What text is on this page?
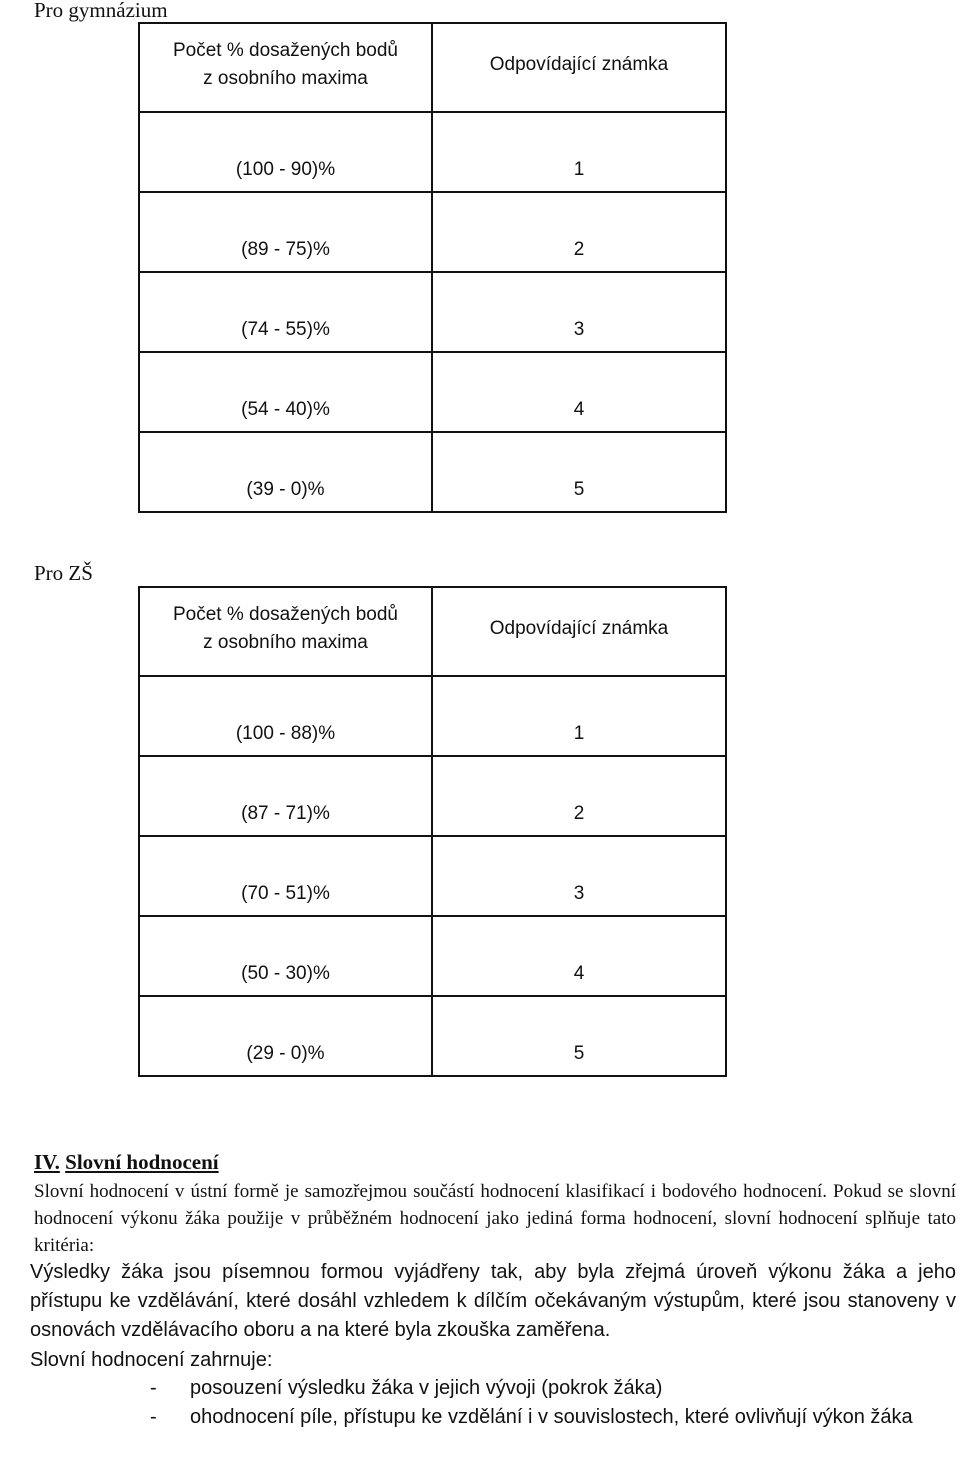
Pro gymnázium
Počet % dosažených bodů
z osobního maxima	Odpovídající známka
(100 - 90)%	1
(89 - 75)%	2
(74 - 55)%	3
(54 - 40)%	4
(39 - 0)%	5
Pro ZŠ
Počet % dosažených bodů
z osobního maxima	Odpovídající známka
(100 - 88)%	1
(87 - 71)%	2
(70 - 51)%	3
(50 - 30)%	4
(29 - 0)%	5
IV. Slovní hodnocení
Slovní hodnocení v ústní formě je samozřejmou součástí hodnocení klasifikací i bodového hodnocení. Pokud se slovní hodnocení výkonu žáka použije v průběžném hodnocení jako jediná forma hodnocení, slovní hodnocení splňuje tato kritéria:
Výsledky žáka jsou písemnou formou vyjádřeny tak, aby byla zřejmá úroveň výkonu žáka a jeho přístupu ke vzdělávání, které dosáhl vzhledem k dílčím očekávaným výstupům, které jsou stanoveny v osnovách vzdělávacího oboru a na které byla zkouška zaměřena.
Slovní hodnocení zahrnuje:
-	posouzení výsledku žáka v jejich vývoji (pokrok žáka)
-	ohodnocení píle, přístupu ke vzdělání i v souvislostech, které ovlivňují výkon žáka
